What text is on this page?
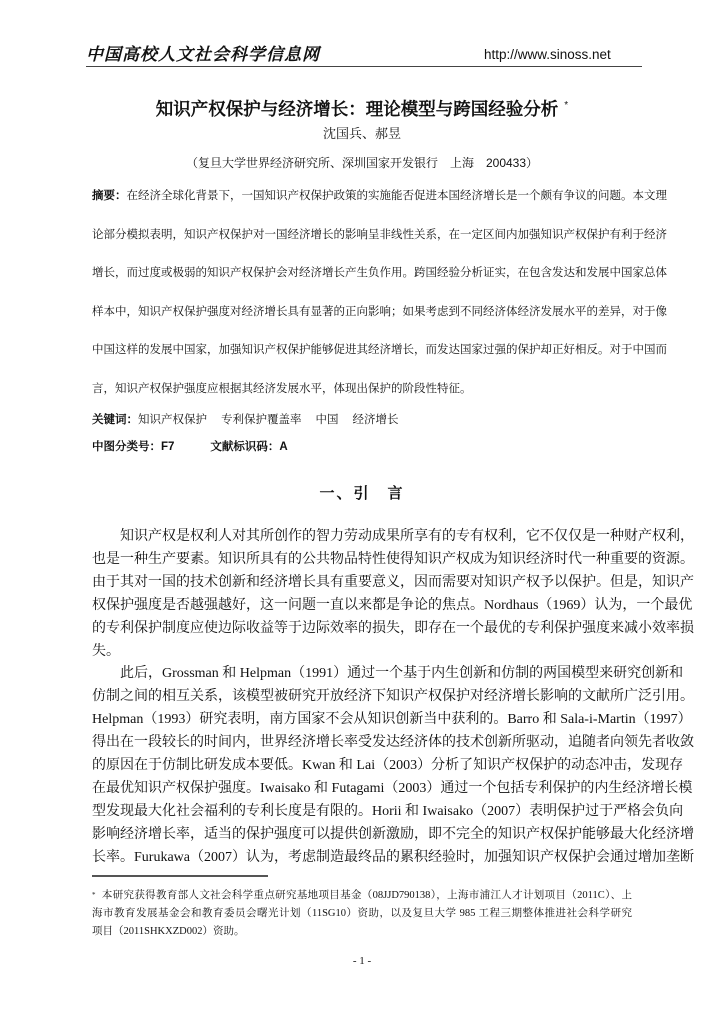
中国高校人文社会科学信息网	http://www.sinoss.net
知识产权保护与经济增长：理论模型与跨国经验分析 *
沈国兵、郝昱
（复旦大学世界经济研究所、深圳国家开发银行　上海　200433）
摘要：在经济全球化背景下，一国知识产权保护政策的实施能否促进本国经济增长是一个颇有争议的问题。本文理
论部分模拟表明，知识产权保护对一国经济增长的影响呈非线性关系，在一定区间内加强知识产权保护有利于经济
增长，而过度或极弱的知识产权保护会对经济增长产生负作用。跨国经验分析证实，在包含发达和发展中国家总体
样本中，知识产权保护强度对经济增长具有显著的正向影响；如果考虑到不同经济体经济发展水平的差异，对于像
中国这样的发展中国家，加强知识产权保护能够促进其经济增长，而发达国家过强的保护却正好相反。对于中国而
言，知识产权保护强度应根据其经济发展水平，体现出保护的阶段性特征。
关键词：知识产权保护 专利保护覆盖率 中国 经济增长
中图分类号：F7	文献标识码：A
一、引　言
知识产权是权利人对其所创作的智力劳动成果所享有的专有权利，它不仅仅是一种财产权利，
也是一种生产要素。知识所具有的公共物品特性使得知识产权成为知识经济时代一种重要的资源。
由于其对一国的技术创新和经济增长具有重要意义，因而需要对知识产权予以保护。但是，知识产
权保护强度是否越强越好，这一问题一直以来都是争论的焦点。Nordhaus（1969）认为，一个最优
的专利保护制度应使边际收益等于边际效率的损失，即存在一个最优的专利保护强度来减小效率损
失。
此后，Grossman 和 Helpman（1991）通过一个基于内生创新和仿制的两国模型来研究创新和
仿制之间的相互关系，该模型被研究开放经济下知识产权保护对经济增长影响的文献所广泛引用。
Helpman（1993）研究表明，南方国家不会从知识创新当中获利的。Barro 和 Sala-i-Martin（1997）
得出在一段较长的时间内，世界经济增长率受发达经济体的技术创新所驱动，追随者向领先者收敛
的原因在于仿制比研发成本要低。Kwan 和 Lai（2003）分析了知识产权保护的动态冲击，发现存
在最优知识产权保护强度。Iwaisako 和 Futagami（2003）通过一个包括专利保护的内生经济增长模
型发现最大化社会福利的专利长度是有限的。Horii 和 Iwaisako（2007）表明保护过于严格会负向
影响经济增长率，适当的保护强度可以提供创新激励，即不完全的知识产权保护能够最大化经济增
长率。Furukawa（2007）认为，考虑制造最终品的累积经验时，加强知识产权保护会通过增加垄断
* 本研究获得教育部人文社会科学重点研究基地项目基金（08JJD790138），上海市浦江人才计划项目（2011C）、上
海市教育发展基金会和教育委员会曙光计划（11SG10）资助，以及复旦大学 985 工程三期整体推进社会科学研究
项目（2011SHKXZD002）资助。
- 1 -
